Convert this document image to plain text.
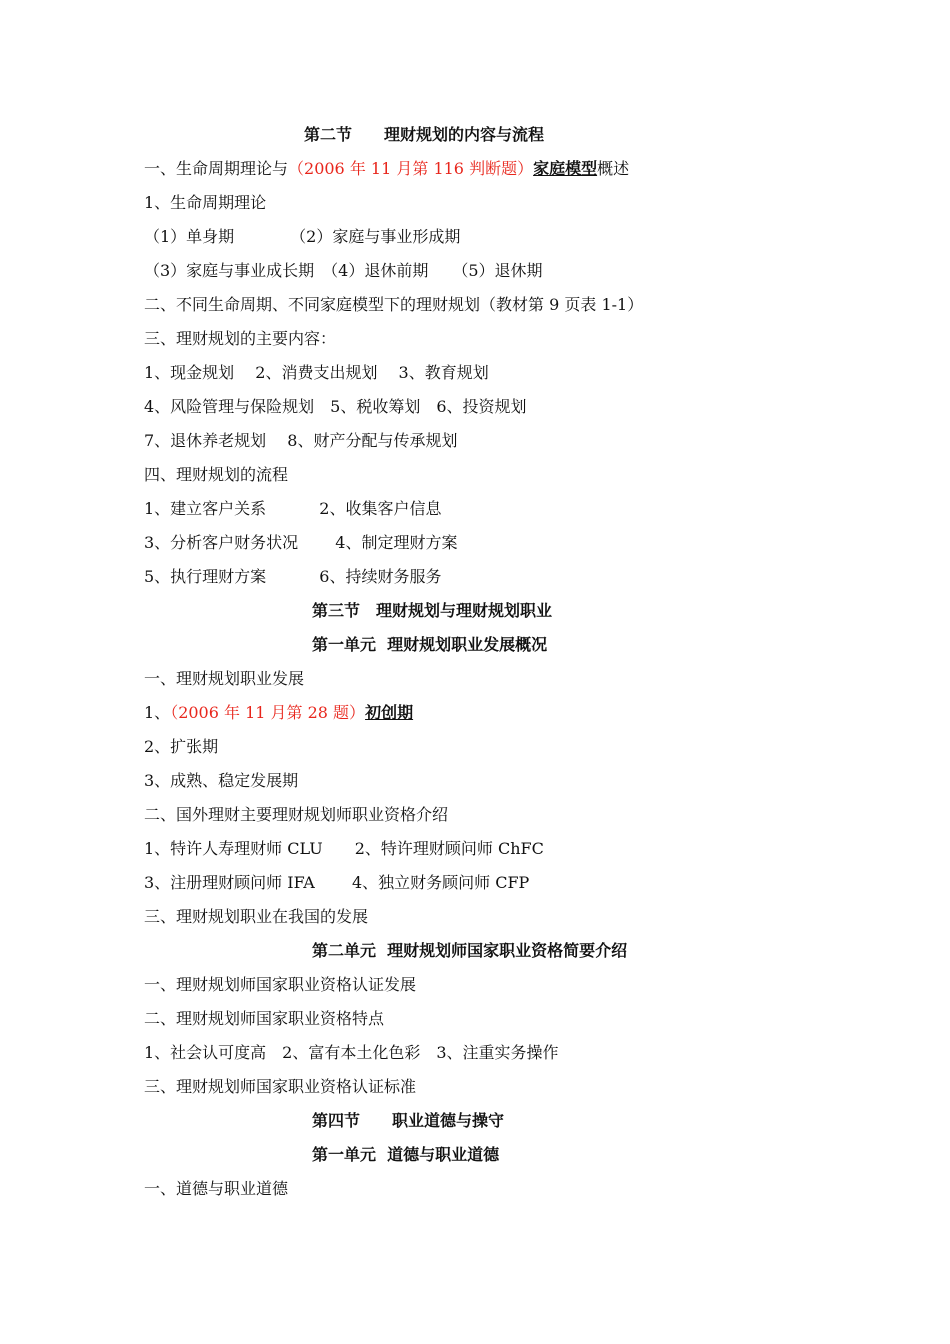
第二节　　理财规划的内容与流程
一、生命周期理论与（2006 年 11 月第 116 判断题）家庭模型概述
1、生命周期理论
（1）单身期　　　　（2）家庭与事业形成期
（3）家庭与事业成长期　（4）退休前期　　（5）退休期
二、不同生命周期、不同家庭模型下的理财规划（教材第 9 页表 1-1）
三、理财规划的主要内容：
1、现金规划　 2、消费支出规划　 3、教育规划
4、风险管理与保险规划　5、税收筹划　6、投资规划
7、退休养老规划　 8、财产分配与传承规划
四、理财规划的流程
1、建立客户关系　　　 2、收集客户信息
3、分析客户财务状况　　 4、制定理财方案
5、执行理财方案　　　 6、持续财务服务
第三节　理财规划与理财规划职业
第一单元  理财规划职业发展概况
一、理财规划职业发展
1、（2006 年 11 月第 28 题）初创期
2、扩张期
3、成熟、稳定发展期
二、国外理财主要理财规划师职业资格介绍
1、特许人寿理财师 CLU　　2、特许理财顾问师 ChFC
3、注册理财顾问师 IFA　　 4、独立财务顾问师 CFP
三、理财规划职业在我国的发展
第二单元  理财规划师国家职业资格简要介绍
一、理财规划师国家职业资格认证发展
二、理财规划师国家职业资格特点
1、社会认可度高　2、富有本土化色彩　3、注重实务操作
三、理财规划师国家职业资格认证标准
第四节　　职业道德与操守
第一单元  道德与职业道德
一、道德与职业道德
